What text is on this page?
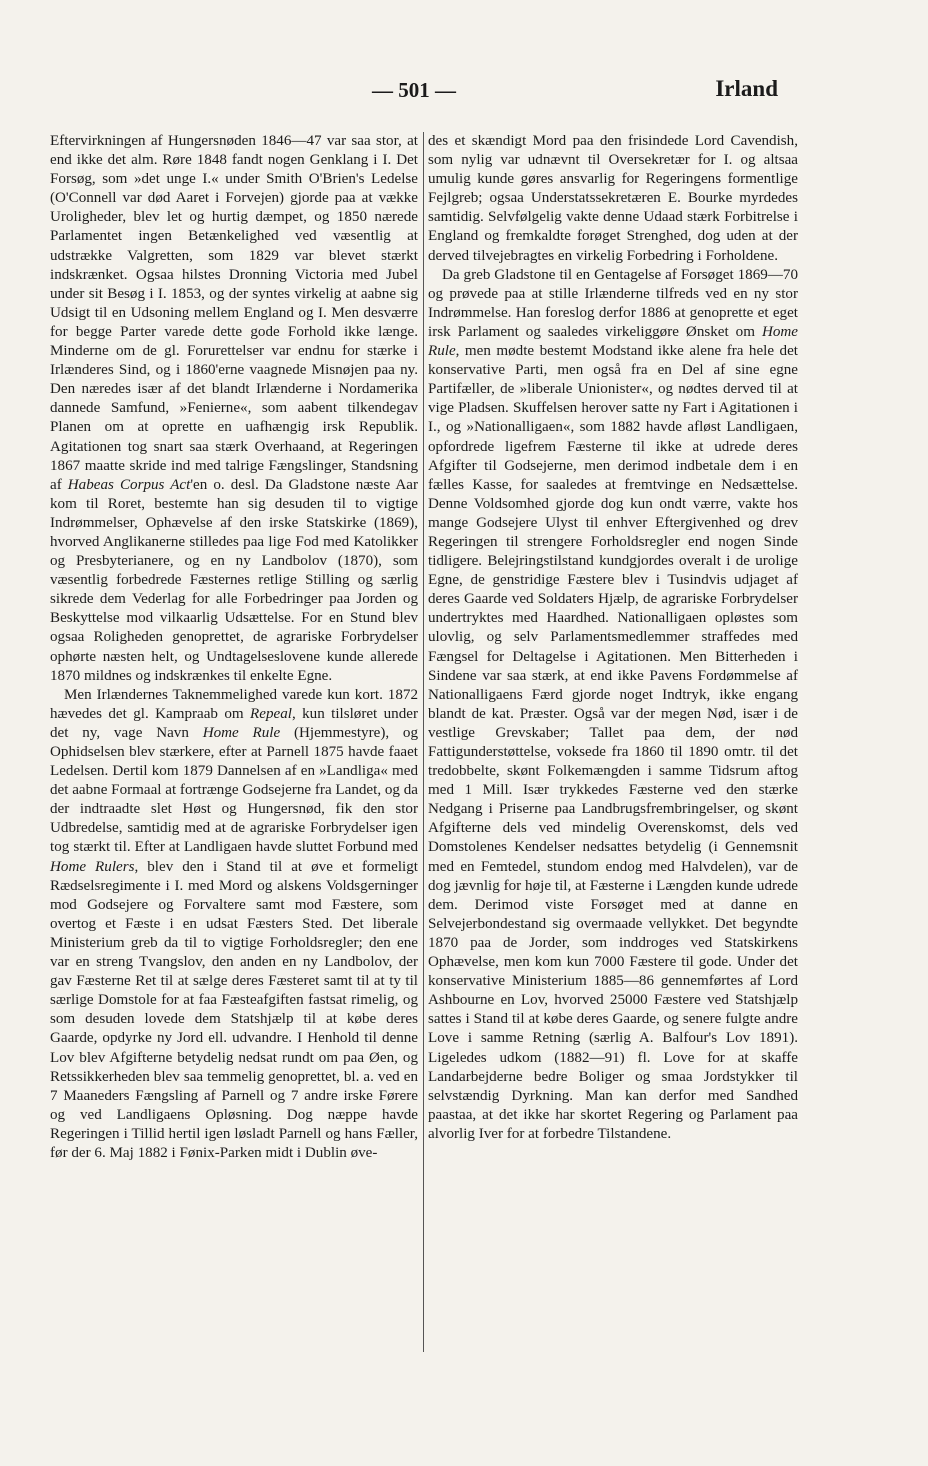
— 501 —	Irland

Eftervirkningen af Hungersnøden 1846—47 var saa stor, at end ikke det alm. Røre 1848 fandt nogen Genklang i I. Det Forsøg, som »det unge I.« under Smith O'Brien's Ledelse (O'Connell var død Aaret i Forvejen) gjorde paa at vække Uroligheder, blev let og hurtig dæmpet, og 1850 nærede Parlamentet ingen Betænkelighed ved væsentlig at udstrække Valgretten, som 1829 var blevet stærkt indskrænket. Ogsaa hilstes Dronning Victoria med Jubel under sit Besøg i I. 1853, og der syntes virkelig at aabne sig Udsigt til en Udsoning mellem England og I. Men desværre for begge Parter varede dette gode Forhold ikke længe. Minderne om de gl. Forurettelser var endnu for stærke i Irlænderes Sind, og i 1860'erne vaagnede Misnøjen paa ny. Den næredes især af det blandt Irlænderne i Nordamerika dannede Samfund, »Fenierne«, som aabent tilkendegav Planen om at oprette en uafhængig irsk Republik. Agitationen tog snart saa stærk Overhaand, at Regeringen 1867 maatte skride ind med talrige Fængslinger, Standsning af Habeas Corpus Act'en o. desl. Da Gladstone næste Aar kom til Roret, bestemte han sig desuden til to vigtige Indrømmelser, Ophævelse af den irske Statskirke (1869), hvorved Anglikanerne stilledes paa lige Fod med Katolikker og Presbyterianere, og en ny Landbolov (1870), som væsentlig forbedrede Fæsternes retlige Stilling og særlig sikrede dem Vederlag for alle Forbedringer paa Jorden og Beskyttelse mod vilkaarlig Udsættelse. For en Stund blev ogsaa Roligheden genoprettet, de agrariske Forbrydelser ophørte næsten helt, og Undtagelseslovene kunde allerede 1870 mildnes og indskrænkes til enkelte Egne.

Men Irlændernes Taknemmelighed varede kun kort. 1872 hævedes det gl. Kampraab om Repeal, kun tilsløret under det ny, vage Navn Home Rule (Hjemmestyre), og Ophidselsen blev stærkere, efter at Parnell 1875 havde faaet Ledelsen. Dertil kom 1879 Dannelsen af en »Landliga« med det aabne Formaal at fortrænge Godsejerne fra Landet, og da der indtraadte slet Høst og Hungersnød, fik den stor Udbredelse, samtidig med at de agrariske Forbrydelser igen tog stærkt til. Efter at Landligaen havde sluttet Forbund med Home Rulers, blev den i Stand til at øve et formeligt Rædselsregimente i I. med Mord og alskens Voldsgerninger mod Godsejere og Forvaltere samt mod Fæstere, som overtog et Fæste i en udsat Fæsters Sted. Det liberale Ministerium greb da til to vigtige Forholdsregler; den ene var en streng Tvangslov, den anden en ny Landbolov, der gav Fæsterne Ret til at sælge deres Fæsteret samt til at ty til særlige Domstole for at faa Fæsteafgiften fastsat rimelig, og som desuden lovede dem Statshjælp til at købe deres Gaarde, opdyrke ny Jord ell. udvandre. I Henhold til denne Lov blev Afgifterne betydelig nedsat rundt om paa Øen, og Retssikkerheden blev saa temmelig genoprettet, bl. a. ved en 7 Maaneders Fængsling af Parnell og 7 andre irske Førere og ved Landligaens Opløsning. Dog næppe havde Regeringen i Tillid hertil igen løsladt Parnell og hans Fæller, før der 6. Maj 1882 i Fønix-Parken midt i Dublin øve-

des et skændigt Mord paa den frisindede Lord Cavendish, som nylig var udnævnt til Oversekretær for I. og altsaa umulig kunde gøres ansvarlig for Regeringens formentlige Fejlgreb; ogsaa Understatssekretæren E. Bourke myrdedes samtidig. Selvfølgelig vakte denne Udaad stærk Forbitrelse i England og fremkaldte forøget Strenghed, dog uden at der derved tilvejebragtes en virkelig Forbedring i Forholdene.

Da greb Gladstone til en Gentagelse af Forsøget 1869—70 og prøvede paa at stille Irlænderne tilfreds ved en ny stor Indrømmelse. Han foreslog derfor 1886 at genoprette et eget irsk Parlament og saaledes virkeliggøre Ønsket om Home Rule, men mødte bestemt Modstand ikke alene fra hele det konservative Parti, men også fra en Del af sine egne Partifæller, de »liberale Unionister«, og nødtes derved til at vige Pladsen. Skuffelsen herover satte ny Fart i Agitationen i I., og »Nationalligaen«, som 1882 havde afløst Landligaen, opfordrede ligefrem Fæsterne til ikke at udrede deres Afgifter til Godsejerne, men derimod indbetale dem i en fælles Kasse, for saaledes at fremtvinge en Nedsættelse. Denne Voldsomhed gjorde dog kun ondt værre, vakte hos mange Godsejere Ulyst til enhver Eftergivenhed og drev Regeringen til strengere Forholdsregler end nogen Sinde tidligere. Belejringstilstand kundgjordes overalt i de urolige Egne, de genstridige Fæstere blev i Tusindvis udjaget af deres Gaarde ved Soldaters Hjælp, de agrariske Forbrydelser undertryktes med Haardhed. Nationalligaen opløstes som ulovlig, og selv Parlamentsmedlemmer straffedes med Fængsel for Deltagelse i Agitationen. Men Bitterheden i Sindene var saa stærk, at end ikke Pavens Fordømmelse af Nationalligaens Færd gjorde noget Indtryk, ikke engang blandt de kat. Præster. Også var der megen Nød, især i de vestlige Grevskaber; Tallet paa dem, der nød Fattigunderstøttelse, voksede fra 1860 til 1890 omtr. til det tredobbelte, skønt Folkemængden i samme Tidsrum aftog med 1 Mill. Især trykkedes Fæsterne ved den stærke Nedgang i Priserne paa Landbrugsfrembringelser, og skønt Afgifterne dels ved mindelig Overenskomst, dels ved Domstolenes Kendelser nedsattes betydelig (i Gennemsnit med en Femtedel, stundom endog med Halvdelen), var de dog jævnlig for høje til, at Fæsterne i Længden kunde udrede dem. Derimod viste Forsøget med at danne en Selvejerbondestand sig overmaade vellykket. Det begyndte 1870 paa de Jorder, som inddroges ved Statskirkens Ophævelse, men kom kun 7000 Fæstere til gode. Under det konservative Ministerium 1885—86 gennemførtes af Lord Ashbourne en Lov, hvorved 25000 Fæstere ved Statshjælp sattes i Stand til at købe deres Gaarde, og senere fulgte andre Love i samme Retning (særlig A. Balfour's Lov 1891). Ligeledes udkom (1882—91) fl. Love for at skaffe Landarbejderne bedre Boliger og smaa Jordstykker til selvstændig Dyrkning. Man kan derfor med Sandhed paastaa, at det ikke har skortet Regering og Parlament paa alvorlig Iver for at forbedre Tilstandene.
